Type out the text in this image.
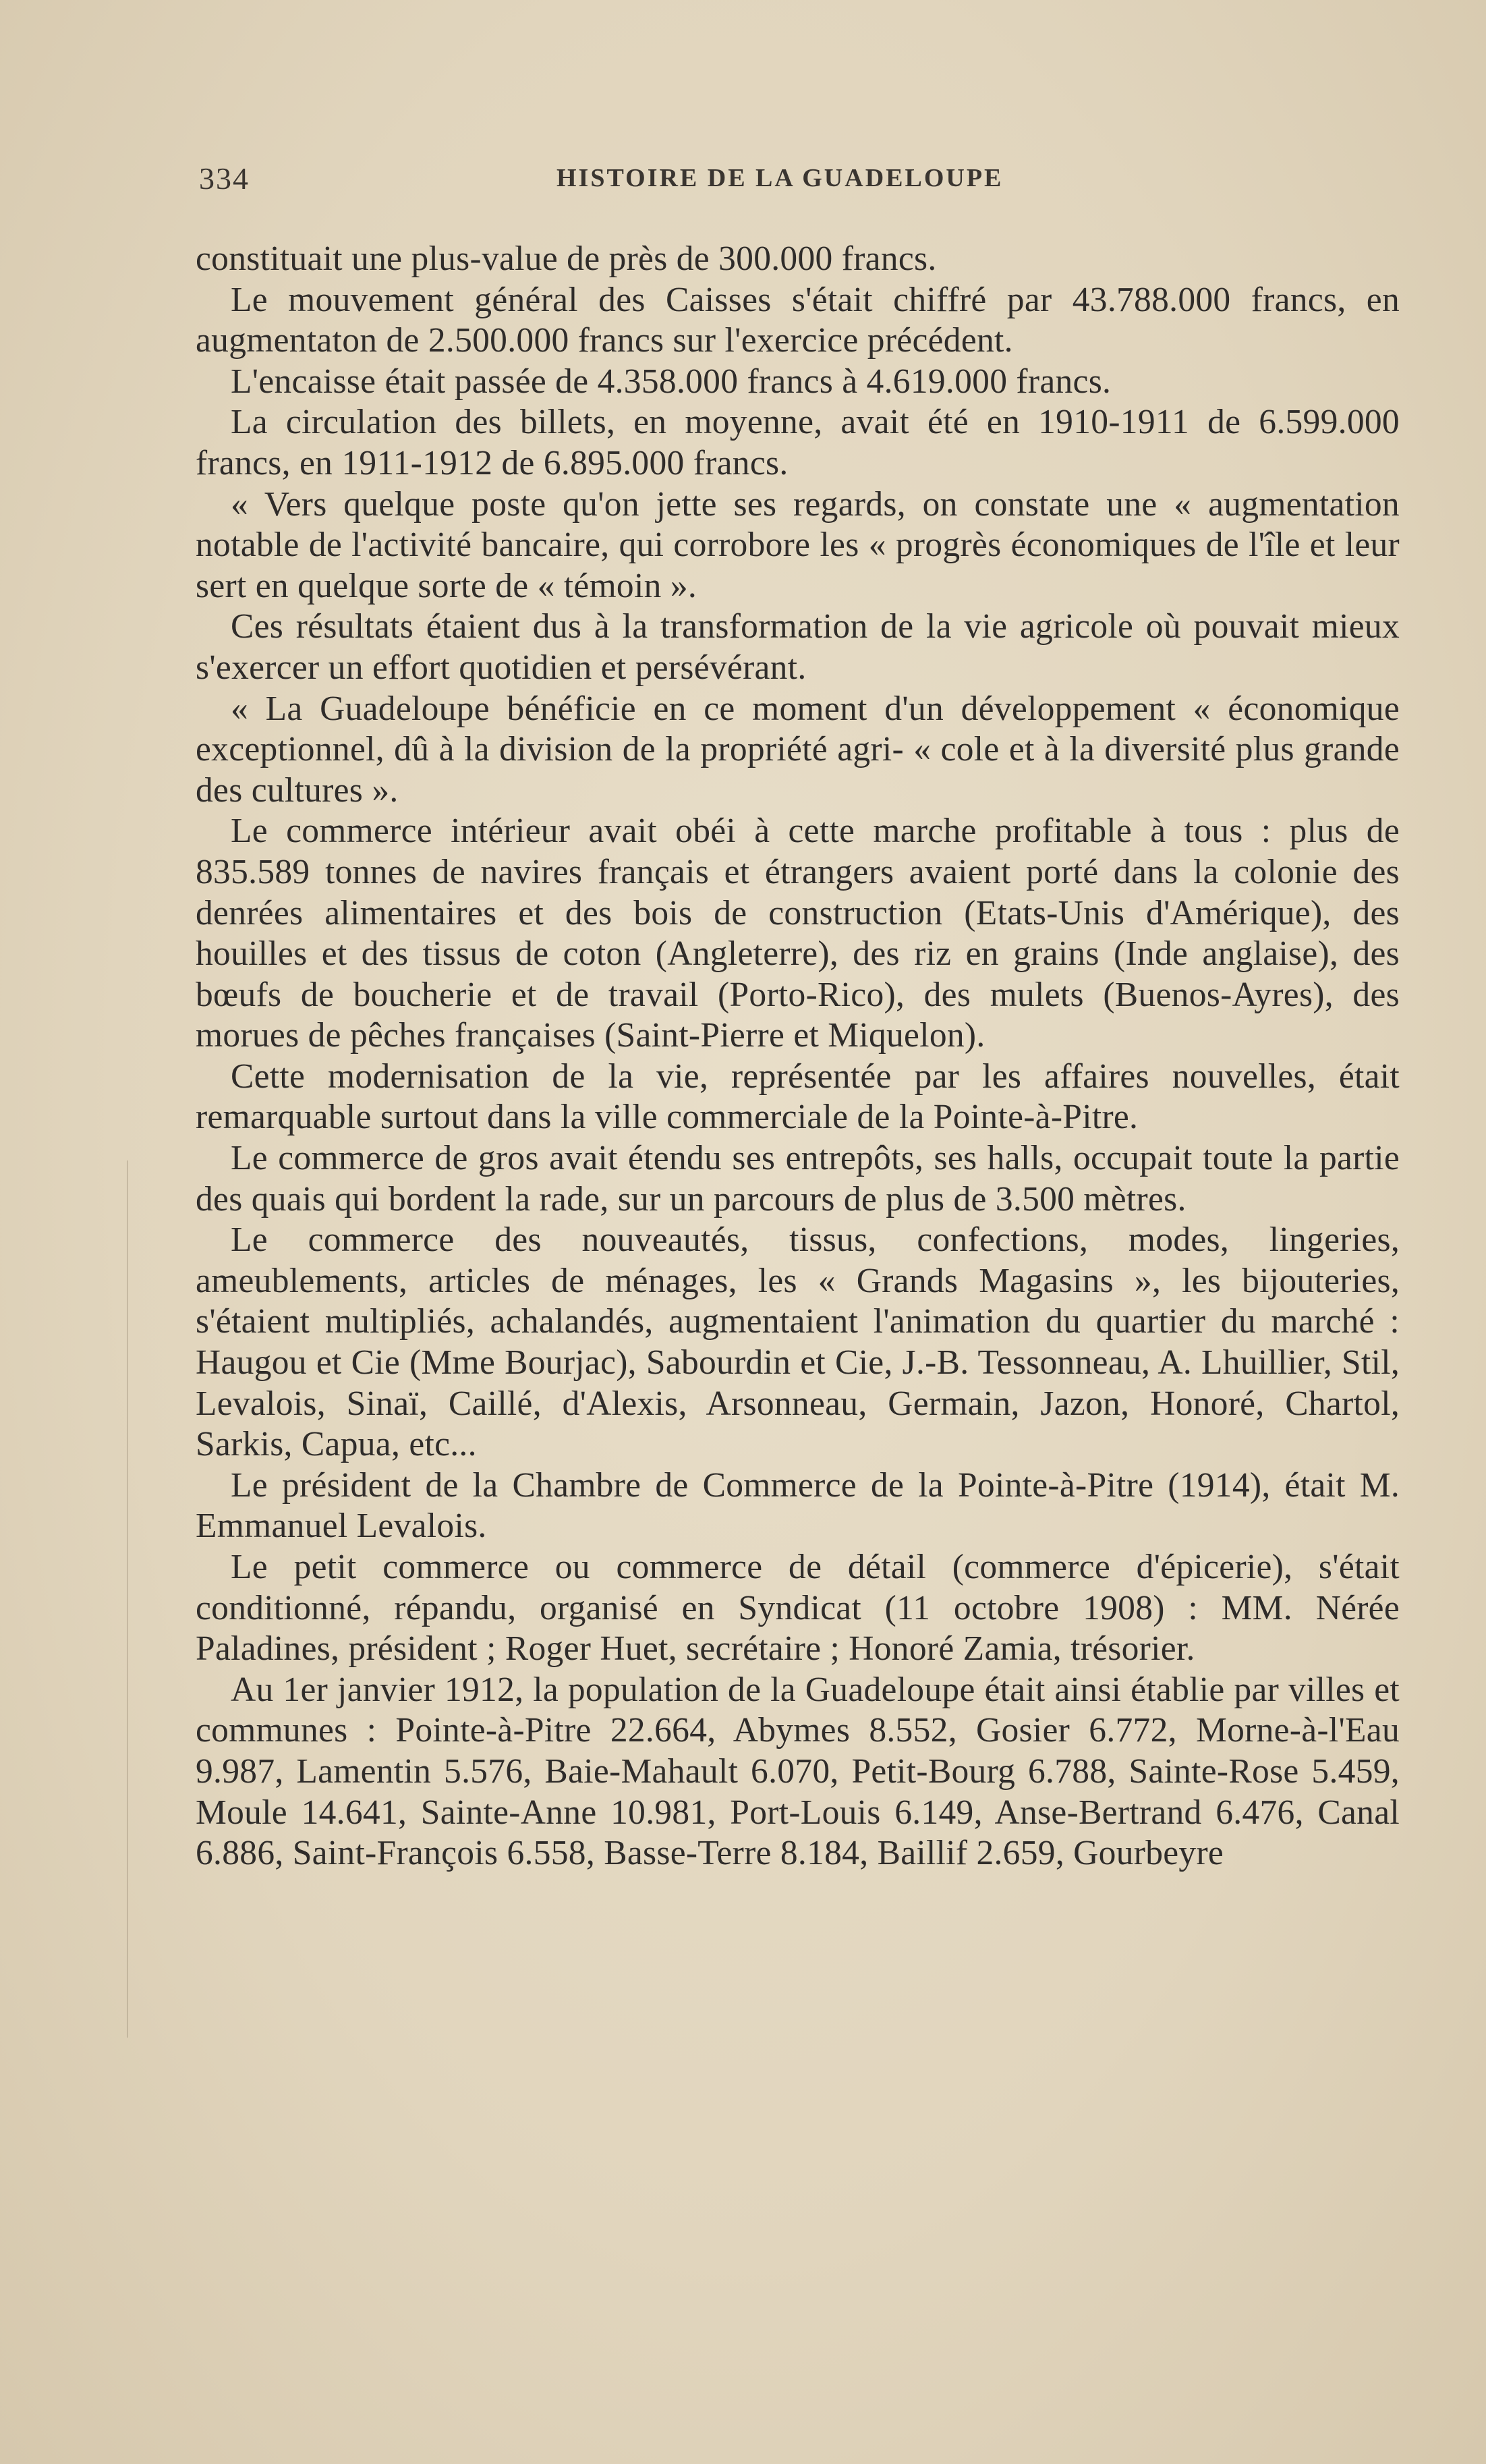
334	HISTOIRE DE LA GUADELOUPE

constituait une plus-value de près de 300.000 francs.

Le mouvement général des Caisses s'était chiffré par 43.788.000 francs, en augmentaton de 2.500.000 francs sur l'exercice précédent.

L'encaisse était passée de 4.358.000 francs à 4.619.000 francs.

La circulation des billets, en moyenne, avait été en 1910-1911 de 6.599.000 francs, en 1911-1912 de 6.895.000 francs.

« Vers quelque poste qu'on jette ses regards, on constate une « augmentation notable de l'activité bancaire, qui corrobore les « progrès économiques de l'île et leur sert en quelque sorte de « témoin ».

Ces résultats étaient dus à la transformation de la vie agricole où pouvait mieux s'exercer un effort quotidien et persévérant.

« La Guadeloupe bénéficie en ce moment d'un développement « économique exceptionnel, dû à la division de la propriété agri- « cole et à la diversité plus grande des cultures ».

Le commerce intérieur avait obéi à cette marche profitable à tous : plus de 835.589 tonnes de navires français et étrangers avaient porté dans la colonie des denrées alimentaires et des bois de construction (Etats-Unis d'Amérique), des houilles et des tissus de coton (Angleterre), des riz en grains (Inde anglaise), des bœufs de boucherie et de travail (Porto-Rico), des mulets (Buenos-Ayres), des morues de pêches françaises (Saint-Pierre et Miquelon).

Cette modernisation de la vie, représentée par les affaires nouvelles, était remarquable surtout dans la ville commerciale de la Pointe-à-Pitre.

Le commerce de gros avait étendu ses entrepôts, ses halls, occupait toute la partie des quais qui bordent la rade, sur un parcours de plus de 3.500 mètres.

Le commerce des nouveautés, tissus, confections, modes, lingeries, ameublements, articles de ménages, les « Grands Magasins », les bijouteries, s'étaient multipliés, achalandés, augmentaient l'animation du quartier du marché : Haugou et Cie (Mme Bourjac), Sabourdin et Cie, J.-B. Tessonneau, A. Lhuillier, Stil, Levalois, Sinaï, Caillé, d'Alexis, Arsonneau, Germain, Jazon, Honoré, Chartol, Sarkis, Capua, etc...

Le président de la Chambre de Commerce de la Pointe-à-Pitre (1914), était M. Emmanuel Levalois.

Le petit commerce ou commerce de détail (commerce d'épicerie), s'était conditionné, répandu, organisé en Syndicat (11 octobre 1908) : MM. Nérée Paladines, président ; Roger Huet, secrétaire ; Honoré Zamia, trésorier.

Au 1er janvier 1912, la population de la Guadeloupe était ainsi établie par villes et communes : Pointe-à-Pitre 22.664, Abymes 8.552, Gosier 6.772, Morne-à-l'Eau 9.987, Lamentin 5.576, Baie-Mahault 6.070, Petit-Bourg 6.788, Sainte-Rose 5.459, Moule 14.641, Sainte-Anne 10.981, Port-Louis 6.149, Anse-Bertrand 6.476, Canal 6.886, Saint-François 6.558, Basse-Terre 8.184, Baillif 2.659, Gourbeyre
